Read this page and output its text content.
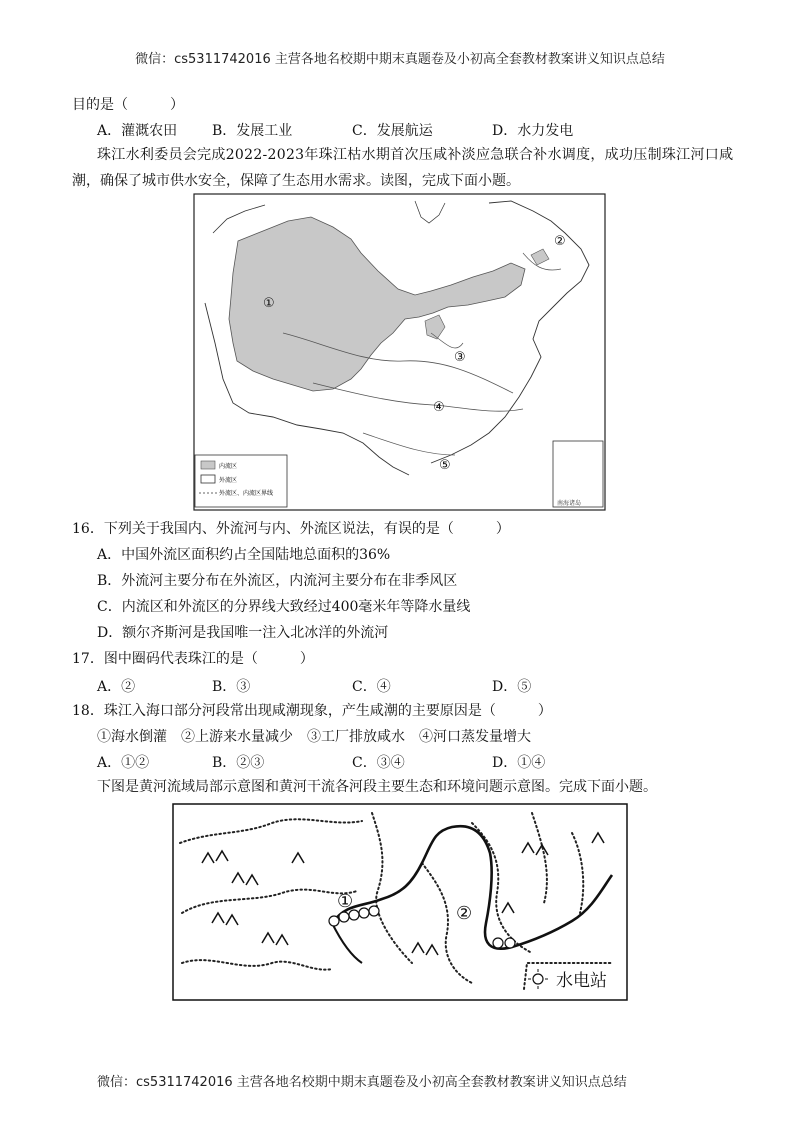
微信：cs5311742016 主营各地名校期中期末真题卷及小初高全套教材教案讲义知识点总结
目的是（　　　）
A．灌溉农田 B．发展工业	C．发展航运	D．水力发电
珠江水利委员会完成2022-2023年珠江枯水期首次压咸补淡应急联合补水调度，成功压制珠江河口咸
潮，确保了城市供水安全，保障了生态用水需求。读图，完成下面小题。
南海诸岛
①
②
③
④
⑤
内流区
外流区
外流区、内流区界线
16．下列关于我国内、外流河与内、外流区说法，有误的是（　　　）
A．中国外流区面积约占全国陆地总面积的36%
B．外流河主要分布在外流区，内流河主要分布在非季风区
C．内流区和外流区的分界线大致经过400毫米年等降水量线
D．额尔齐斯河是我国唯一注入北冰洋的外流河
17．图中圈码代表珠江的是（　　　）
A．②	B．③	C．④	D．⑤
18．珠江入海口部分河段常出现咸潮现象，产生咸潮的主要原因是（　　　）
①海水倒灌　②上游来水量减少　③工厂排放咸水　④河口蒸发量增大
A．①②	B．②③	C．③④	D．①④
下图是黄河流域局部示意图和黄河干流各河段主要生态和环境问题示意图。完成下面小题。
①
②
水电站
微信：cs5311742016 主营各地名校期中期末真题卷及小初高全套教材教案讲义知识点总结
